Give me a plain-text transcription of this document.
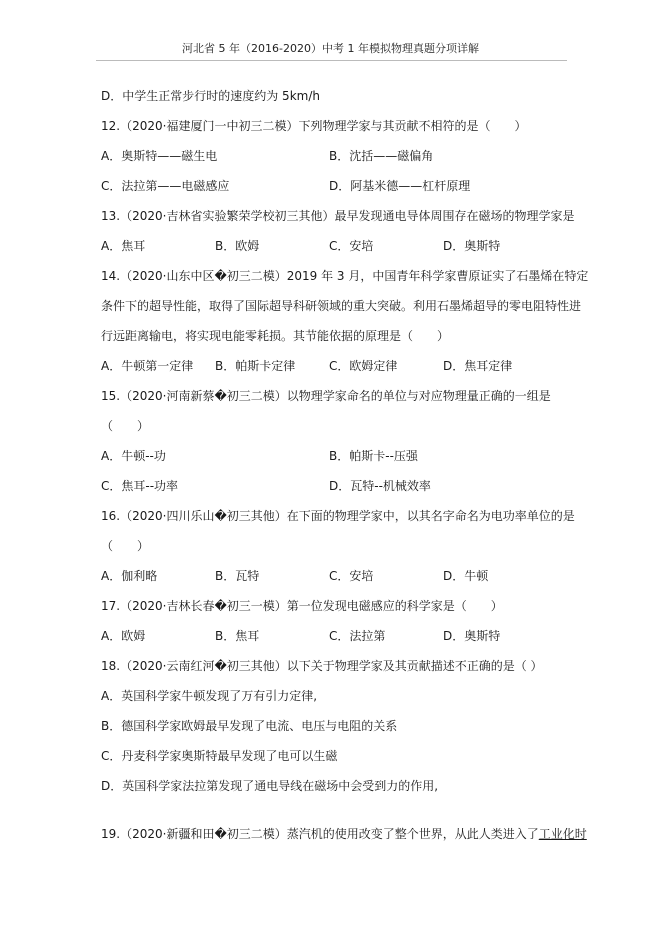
河北省 5 年（2016-2020）中考 1 年模拟物理真题分项详解
D．中学生正常步行时的速度约为 5km/h
12.（2020·福建厦门一中初三二模）下列物理学家与其贡献不相符的是（　　）
A．奥斯特——磁生电	B．沈括——磁偏角
C．法拉第——电磁感应	D．阿基米德——杠杆原理
13.（2020·吉林省实验繁荣学校初三其他）最早发现通电导体周围存在磁场的物理学家是
A．焦耳	B．欧姆	C．安培	D．奥斯特
14.（2020·山东中区�初三二模）2019 年 3 月，中国青年科学家曹原证实了石墨烯在特定
条件下的超导性能，取得了国际超导科研领域的重大突破。利用石墨烯超导的零电阻特性进
行远距离输电，将实现电能零耗损。其节能依据的原理是（　　）
A．牛顿第一定律 B．帕斯卡定律	C．欧姆定律	D．焦耳定律
15.（2020·河南新蔡�初三二模）以物理学家命名的单位与对应物理量正确的一组是
（　　）
A．牛顿--功	B．帕斯卡--压强
C．焦耳--功率	D．瓦特--机械效率
16.（2020·四川乐山�初三其他）在下面的物理学家中，以其名字命名为电功率单位的是
（　　）
A．伽利略	B．瓦特	C．安培	D．牛顿
17.（2020·吉林长春�初三一模）第一位发现电磁感应的科学家是（　　）
A．欧姆	B．焦耳	C．法拉第	D．奥斯特
18.（2020·云南红河�初三其他）以下关于物理学家及其贡献描述不正确的是（ ）
A．英国科学家牛顿发现了万有引力定律,
B．德国科学家欧姆最早发现了电流、电压与电阻的关系
C．丹麦科学家奥斯特最早发现了电可以生磁
D．英国科学家法拉第发现了通电导线在磁场中会受到力的作用,
19.（2020·新疆和田�初三二模）蒸汽机的使用改变了整个世界，从此人类进入了工业化时
